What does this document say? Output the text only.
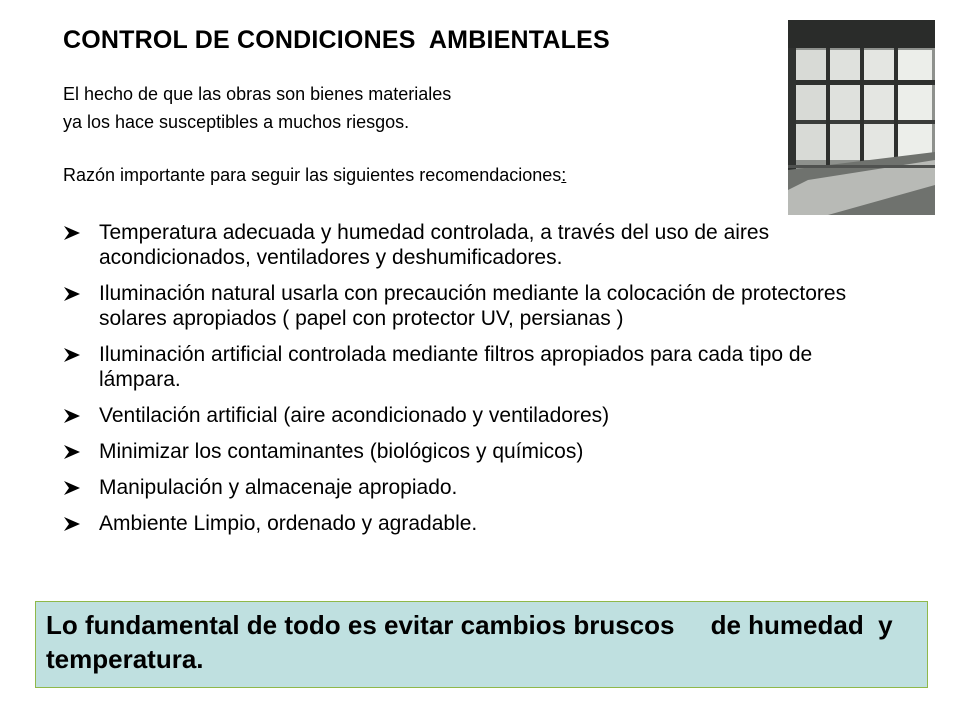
CONTROL DE CONDICIONES  AMBIENTALES

El hecho de que las obras son bienes materiales

ya los hace susceptibles a muchos riesgos.

Razón importante para seguir las siguientes recomendaciones:

Temperatura adecuada y humedad controlada, a través del uso de aires acondicionados, ventiladores y deshumificadores.
Iluminación natural usarla con precaución mediante la colocación de protectores solares apropiados ( papel con protector UV, persianas )
Iluminación artificial controlada mediante filtros apropiados para cada tipo de lámpara.
Ventilación artificial (aire acondicionado y ventiladores)
Minimizar los contaminantes (biológicos y químicos)
Manipulación y almacenaje apropiado.
Ambiente Limpio, ordenado y agradable.
Lo fundamental de todo es evitar cambios bruscos     de humedad  y temperatura.
